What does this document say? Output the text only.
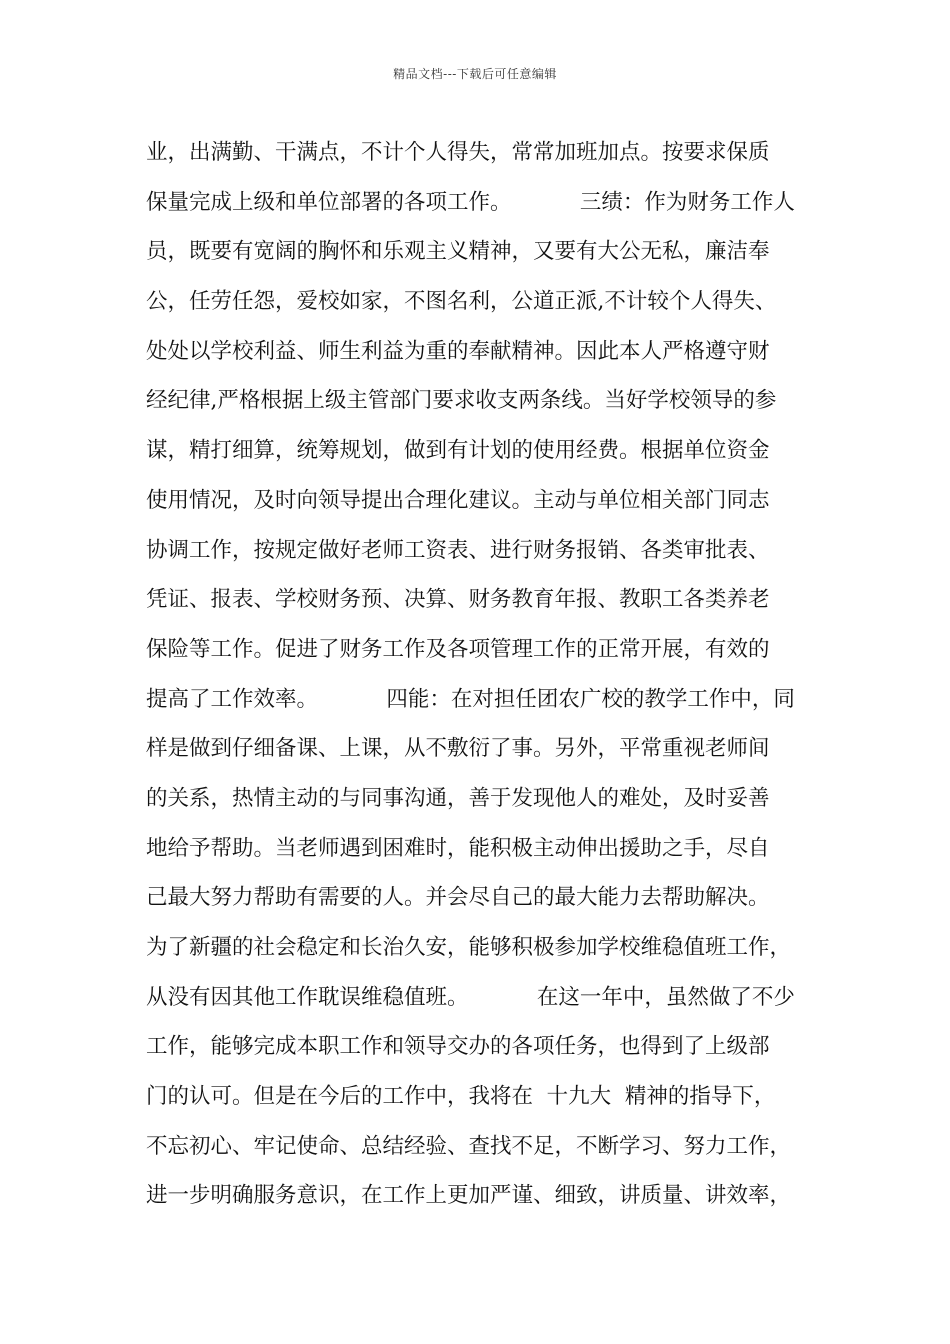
精品文档---下载后可任意编辑
业，出满勤、干满点，不计个人得失，常常加班加点。按要求保质
保量完成上级和单位部署的各项工作。          三绩：作为财务工作人
员，既要有宽阔的胸怀和乐观主义精神，又要有大公无私，廉洁奉
公，任劳任怨，爱校如家，不图名利，公道正派,不计较个人得失、
处处以学校利益、师生利益为重的奉献精神。因此本人严格遵守财
经纪律,严格根据上级主管部门要求收支两条线。当好学校领导的参
谋，精打细算，统筹规划，做到有计划的使用经费。根据单位资金
使用情况，及时向领导提出合理化建议。主动与单位相关部门同志
协调工作，按规定做好老师工资表、进行财务报销、各类审批表、
凭证、报表、学校财务预、决算、财务教育年报、教职工各类养老
保险等工作。促进了财务工作及各项管理工作的正常开展，有效的
提高了工作效率。          四能：在对担任团农广校的教学工作中，同
样是做到仔细备课、上课，从不敷衍了事。另外，平常重视老师间
的关系，热情主动的与同事沟通，善于发现他人的难处，及时妥善
地给予帮助。当老师遇到困难时，能积极主动伸出援助之手，尽自
己最大努力帮助有需要的人。并会尽自己的最大能力去帮助解决。
为了新疆的社会稳定和长治久安，能够积极参加学校维稳值班工作，
从没有因其他工作耽误维稳值班。          在这一年中，虽然做了不少
工作，能够完成本职工作和领导交办的各项任务，也得到了上级部
门的认可。但是在今后的工作中，我将在  十九大  精神的指导下，
不忘初心、牢记使命、总结经验、查找不足，不断学习、努力工作，
进一步明确服务意识，在工作上更加严谨、细致，讲质量、讲效率，
